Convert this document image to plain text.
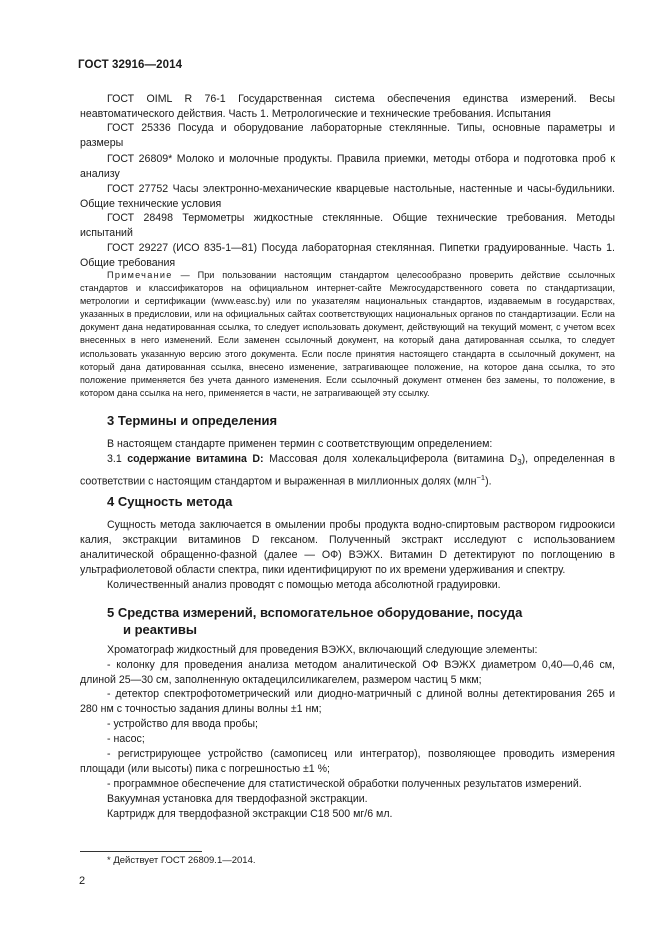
ГОСТ 32916—2014
ГОСТ OIML R 76-1 Государственная система обеспечения единства измерений. Весы неавтоматического действия. Часть 1. Метрологические и технические требования. Испытания
ГОСТ 25336 Посуда и оборудование лабораторные стеклянные. Типы, основные параметры и размеры
ГОСТ 26809* Молоко и молочные продукты. Правила приемки, методы отбора и подготовка проб к анализу
ГОСТ 27752 Часы электронно-механические кварцевые настольные, настенные и часы-будильники. Общие технические условия
ГОСТ 28498 Термометры жидкостные стеклянные. Общие технические требования. Методы испытаний
ГОСТ 29227 (ИСО 835-1—81) Посуда лабораторная стеклянная. Пипетки градуированные. Часть 1. Общие требования
Примечание — При пользовании настоящим стандартом целесообразно проверить действие ссылочных стандартов и классификаторов на официальном интернет-сайте Межгосударственного совета по стандартизации, метрологии и сертификации (www.easc.by) или по указателям национальных стандартов, издаваемым в государствах, указанных в предисловии, или на официальных сайтах соответствующих национальных органов по стандартизации. Если на документ дана недатированная ссылка, то следует использовать документ, действующий на текущий момент, с учетом всех внесенных в него изменений. Если заменен ссылочный документ, на который дана датированная ссылка, то следует использовать указанную версию этого документа. Если после принятия настоящего стандарта в ссылочный документ, на который дана датированная ссылка, внесено изменение, затрагивающее положение, на которое дана ссылка, то это положение применяется без учета данного изменения. Если ссылочный документ отменен без замены, то положение, в котором дана ссылка на него, применяется в части, не затрагивающей эту ссылку.
3 Термины и определения
В настоящем стандарте применен термин с соответствующим определением:
3.1 содержание витамина D: Массовая доля холекальциферола (витамина $D_3$), определенная в соответствии с настоящим стандартом и выраженная в миллионных долях (млн$^{-1}$).
4 Сущность метода
Сущность метода заключается в омылении пробы продукта водно-спиртовым раствором гидроокиси калия, экстракции витаминов D гексаном. Полученный экстракт исследуют с использованием аналитической обращенно-фазной (далее — ОФ) ВЭЖХ. Витамин D детектируют по поглощению в ультрафиолетовой области спектра, пики идентифицируют по их времени удерживания и спектру.
Количественный анализ проводят с помощью метода абсолютной градуировки.
5 Средства измерений, вспомогательное оборудование, посуда
и реактивы
Хроматограф жидкостный для проведения ВЭЖХ, включающий следующие элементы:
- колонку для проведения анализа методом аналитической ОФ ВЭЖХ диаметром 0,40—0,46 см, длиной 25—30 см, заполненную октадецилсиликагелем, размером частиц 5 мкм;
- детектор спектрофотометрический или диодно-матричный с длиной волны детектирования 265 и 280 нм с точностью задания длины волны ±1 нм;
- устройство для ввода пробы;
- насос;
- регистрирующее устройство (самописец или интегратор), позволяющее проводить измерения площади (или высоты) пика с погрешностью ±1 %;
- программное обеспечение для статистической обработки полученных результатов измерений.
Вакуумная установка для твердофазной экстракции.
Картридж для твердофазной экстракции С18 500 мг/6 мл.
* Действует ГОСТ 26809.1—2014.
2
